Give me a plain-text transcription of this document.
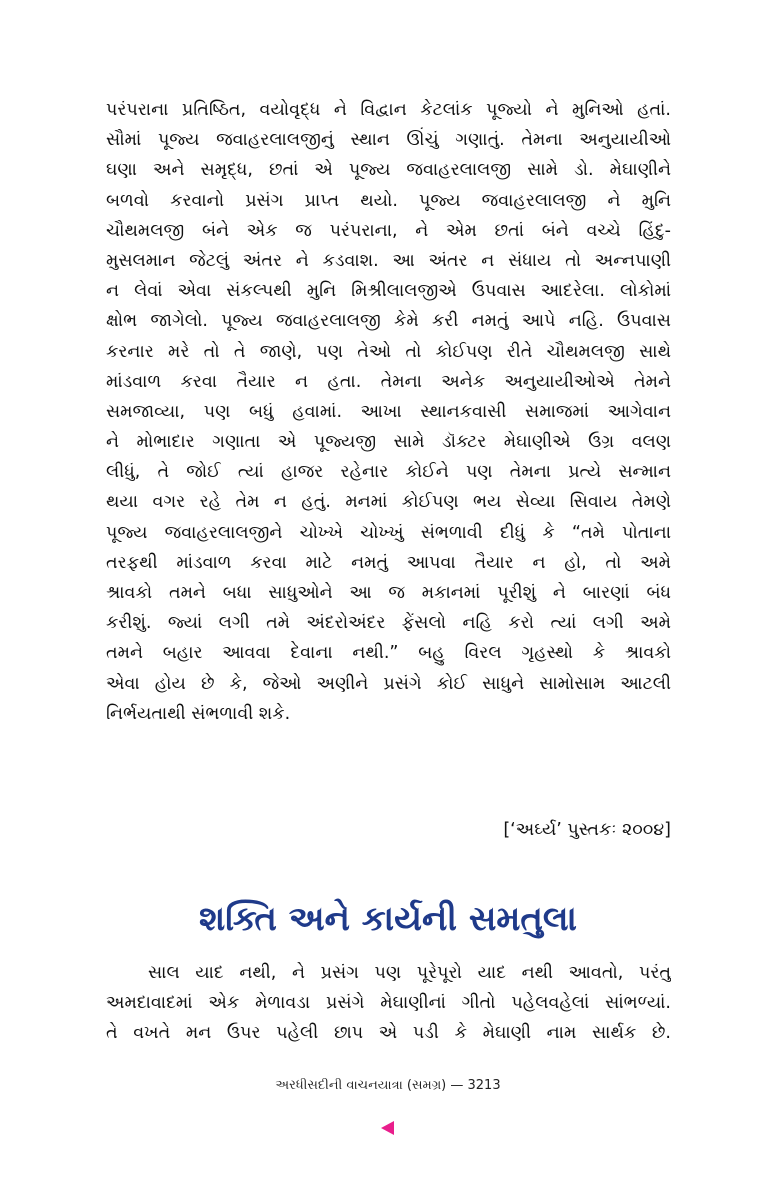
પરંપરાના પ્રતિષ્ઠિત, વયોવૃદ્ધ ને વિદ્વાન કેટલાંક પૂજ્યો ને મુનિઓ હતાં.
સૌમાં પૂજ્ય જવાહરલાલજીનું સ્થાન ઊંચું ગણાતું. તેમના અનુયાયીઓ
ઘણા અને સમૃદ્ધ, છતાં એ પૂજ્ય જવાહરલાલજી સામે ડો. મેઘાણીને
બળવો કરવાનો પ્રસંગ પ્રાપ્ત થયો. પૂજ્ય જવાહરલાલજી ને મુનિ
ચૌથમલજી બંને એક જ પરંપરાના, ને એમ છતાં બંને વચ્ચે હિંદુ-
મુસલમાન જેટલું અંતર ને કડવાશ. આ અંતર ન સંધાય તો અન્નપાણી
ન લેવાં એવા સંકલ્પથી મુનિ મિશ્રીલાલજીએ ઉપવાસ આદરેલા. લોકોમાં
ક્ષોભ જાગેલો. પૂજ્ય જવાહરલાલજી કેમે કરી નમતું આપે નહિ. ઉપવાસ
કરનાર મરે તો તે જાણે, પણ તેઓ તો કોઈપણ રીતે ચૌથમલજી સાથે
માંડવાળ કરવા તૈયાર ન હતા. તેમના અનેક અનુયાયીઓએ તેમને
સમજાવ્યા, પણ બધું હવામાં. આખા સ્થાનકવાસી સમાજમાં આગેવાન
ને મોભાદાર ગણાતા એ પૂજ્યજી સામે ડૉક્ટર મેઘાણીએ ઉગ્ર વલણ
લીધું, તે જોઈ ત્યાં હાજર રહેનાર કોઈને પણ તેમના પ્રત્યે સન્માન
થયા વગર રહે તેમ ન હતું. મનમાં કોઈપણ ભય સેવ્યા સિવાય તેમણે
પૂજ્ય જવાહરલાલજીને ચોખ્ખે ચોખ્ખું સંભળાવી દીધું કે “તમે પોતાના
તરફથી માંડવાળ કરવા માટે નમતું આપવા તૈયાર ન હો, તો અમે
શ્રાવકો તમને બધા સાધુઓને આ જ મકાનમાં પૂરીશું ને બારણાં બંધ
કરીશું. જ્યાં લગી તમે અંદરોઅંદર ફેંસલો નહિ કરો ત્યાં લગી અમે
તમને બહાર આવવા દેવાના નથી.” બહુ વિરલ ગૃહસ્થો કે શ્રાવકો
એવા હોય છે કે, જેઓ અણીને પ્રસંગે કોઈ સાધુને સામોસામ આટલી
નિર્ભયતાથી સંભળાવી શકે.
[‘અર્ઘ્ય’ પુસ્તકઃ ૨૦૦૪]
શક્તિ અને કાર્યની સમતુલા
સાલ યાદ નથી, ને પ્રસંગ પણ પૂરેપૂરો યાદ નથી આવતો, પરંતુ
અમદાવાદમાં એક મેળાવડા પ્રસંગે મેઘાણીનાં ગીતો પહેલવહેલાં સાંભળ્યાં.
તે વખતે મન ઉપર પહેલી છાપ એ પડી કે મેઘાણી નામ સાર્થક છે.
અરધીસદીની વાચનયાત્રા (સમગ્ર) — 3213
